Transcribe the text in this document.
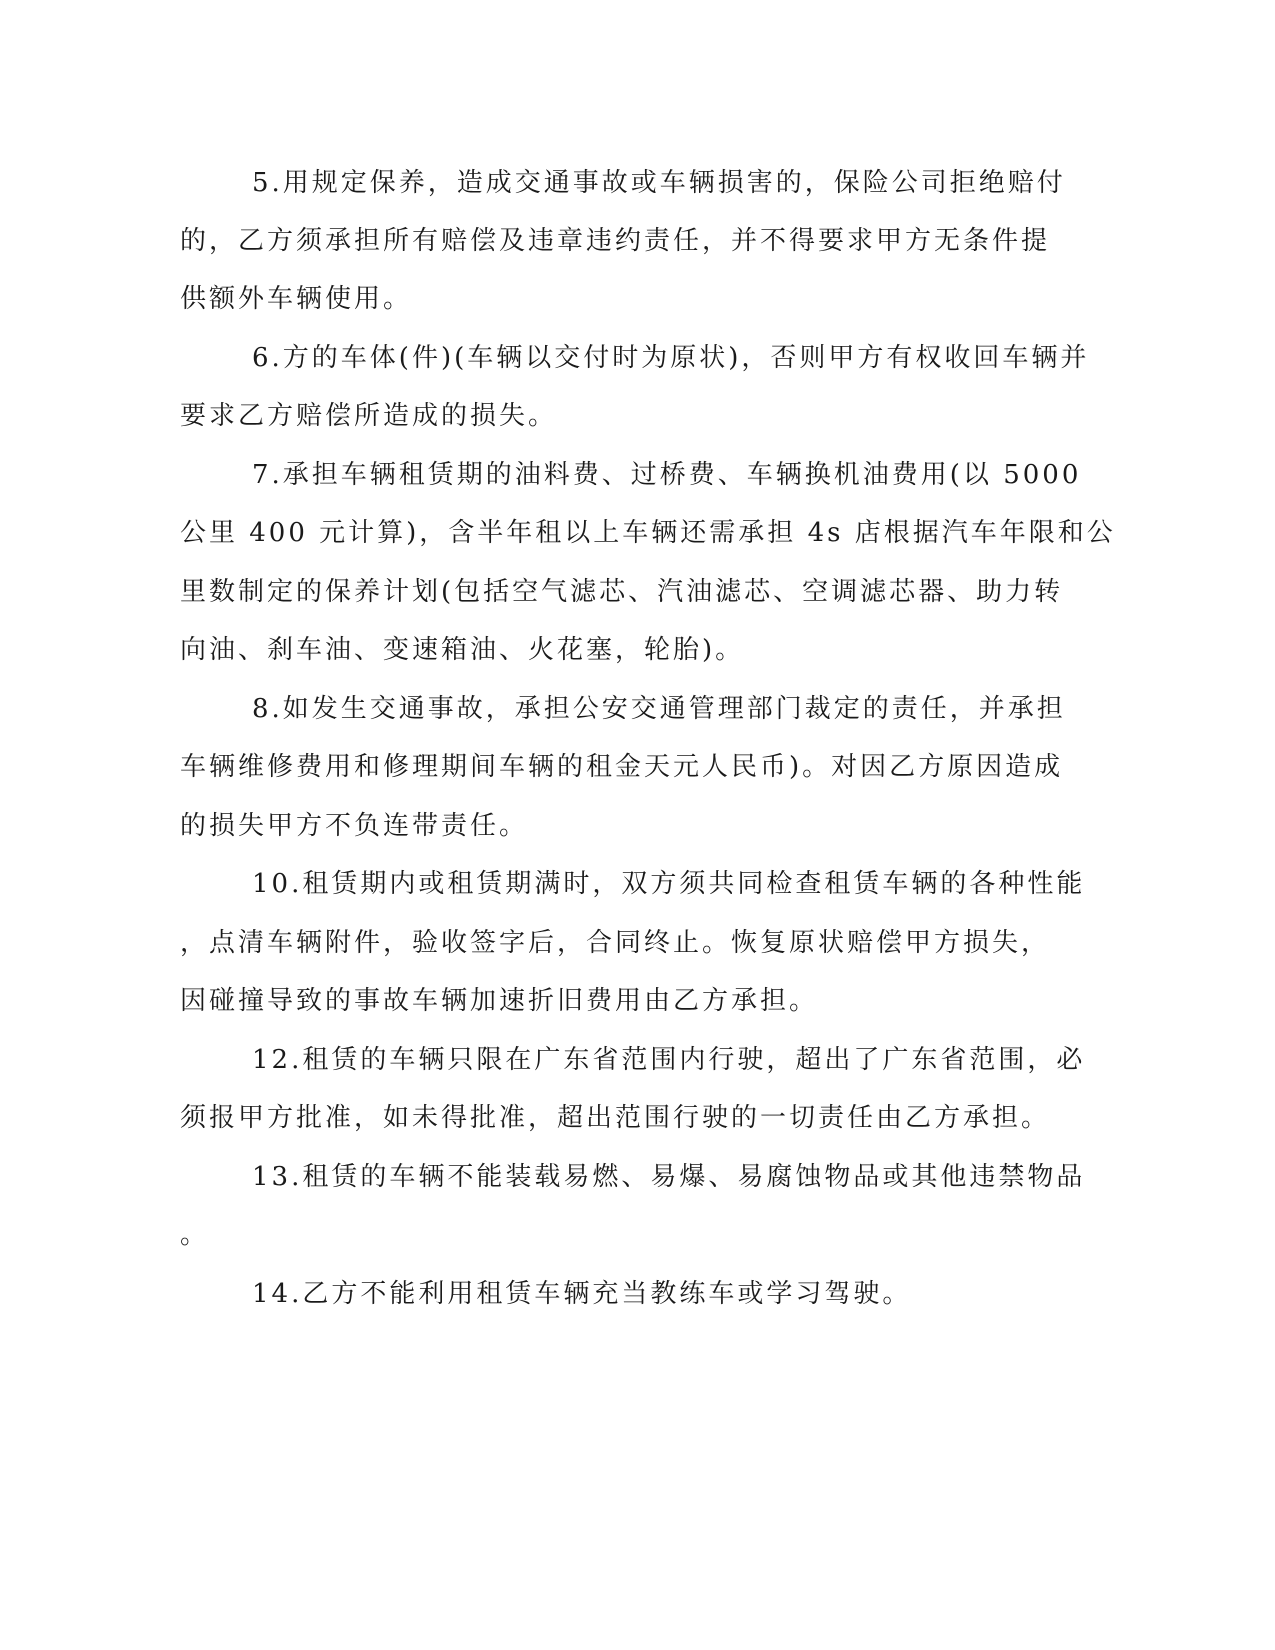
5.用规定保养，造成交通事故或车辆损害的，保险公司拒绝赔付
的，乙方须承担所有赔偿及违章违约责任，并不得要求甲方无条件提
供额外车辆使用。
6.方的车体(件)(车辆以交付时为原状)，否则甲方有权收回车辆并
要求乙方赔偿所造成的损失。
7.承担车辆租赁期的油料费、过桥费、车辆换机油费用(以 5000
公里 400 元计算)，含半年租以上车辆还需承担 4s 店根据汽车年限和公
里数制定的保养计划(包括空气滤芯、汽油滤芯、空调滤芯器、助力转
向油、刹车油、变速箱油、火花塞，轮胎)。
8.如发生交通事故，承担公安交通管理部门裁定的责任，并承担
车辆维修费用和修理期间车辆的租金天元人民币)。对因乙方原因造成
的损失甲方不负连带责任。
10.租赁期内或租赁期满时，双方须共同检查租赁车辆的各种性能
，点清车辆附件，验收签字后，合同终止。恢复原状赔偿甲方损失，
因碰撞导致的事故车辆加速折旧费用由乙方承担。
12.租赁的车辆只限在广东省范围内行驶，超出了广东省范围，必
须报甲方批准，如未得批准，超出范围行驶的一切责任由乙方承担。
13.租赁的车辆不能装载易燃、易爆、易腐蚀物品或其他违禁物品
。
14.乙方不能利用租赁车辆充当教练车或学习驾驶。
